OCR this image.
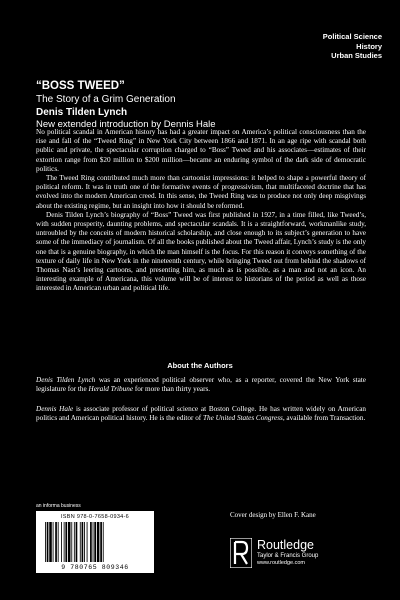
Political Science
History
Urban Studies
“BOSS TWEED”
The Story of a Grim Generation
Denis Tilden Lynch
New extended introduction by Dennis Hale

No political scandal in American history has had a greater impact on America’s political consciousness than the rise and fall of the “Tweed Ring” in New York City between 1866 and 1871. In an age ripe with scandal both public and private, the spectacular corruption charged to “Boss” Tweed and his associates—estimates of their extortion range from $20 million to $200 million—became an enduring symbol of the dark side of democratic politics.

The Tweed Ring contributed much more than cartoonist impressions: it helped to shape a powerful theory of political reform. It was in truth one of the formative events of progressivism, that multifaceted doctrine that has evolved into the modern American creed. In this sense, the Tweed Ring was to produce not only deep misgivings about the existing regime, but an insight into how it should be reformed.

Denis Tilden Lynch’s biography of “Boss” Tweed was first published in 1927, in a time filled, like Tweed’s, with sudden prosperity, daunting problems, and spectacular scandals. It is a straightforward, workmanlike study, untroubled by the conceits of modern historical scholarship, and close enough to its subject’s generation to have some of the immediacy of journalism. Of all the books published about the Tweed affair, Lynch’s study is the only one that is a genuine biography, in which the man himself is the focus. For this reason it conveys something of the texture of daily life in New York in the nineteenth century, while bringing Tweed out from behind the shadows of Thomas Nast’s leering cartoons, and presenting him, as much as is possible, as a man and not an icon. An interesting example of Americana, this volume will be of interest to historians of the period as well as those interested in American urban and political life.

About the Authors
Denis Tilden Lynch was an experienced political observer who, as a reporter, covered the New York state legislature for the Herald Tribune for more than thirty years.
Dennis Hale is associate professor of political science at Boston College. He has written widely on American politics and American political history. He is the editor of The United States Congress, available from Transaction.
an informa business
ISBN 978-0-7658-0934-6
9 780765 809346
Cover design by Ellen F. Kane
Routledge
Taylor & Francis Group
www.routledge.com
